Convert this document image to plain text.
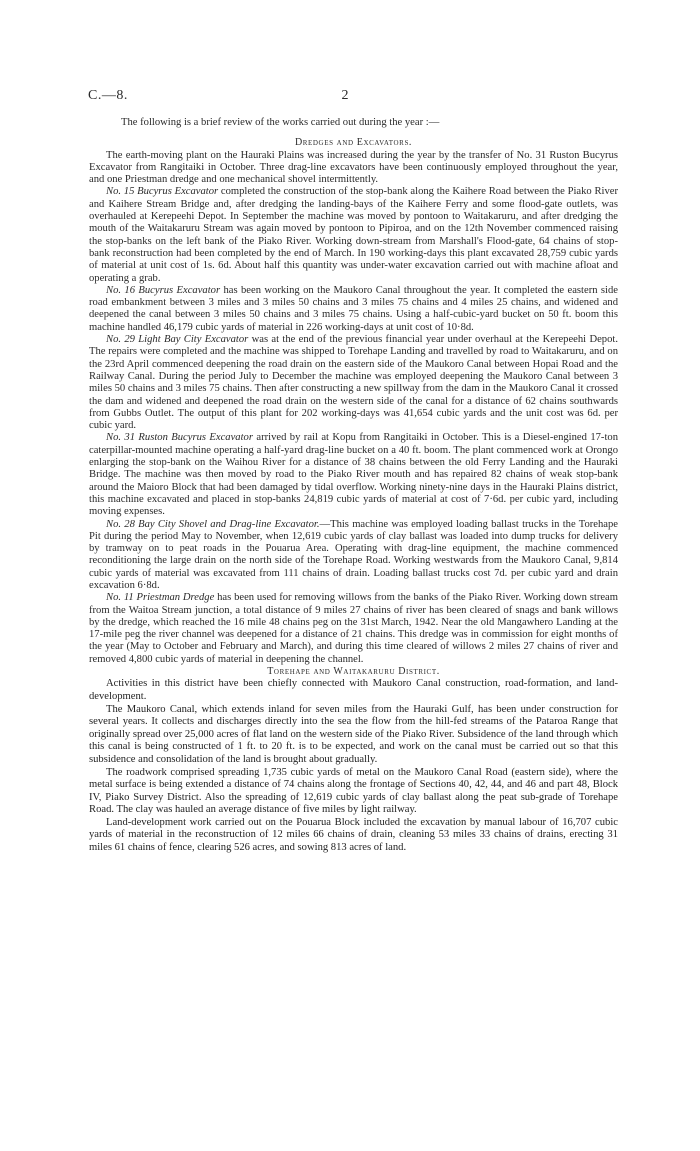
C.—8.	2

The following is a brief review of the works carried out during the year :—

Dredges and Excavators.

The earth-moving plant on the Hauraki Plains was increased during the year by the transfer of No. 31 Ruston Bucyrus Excavator from Rangitaiki in October. Three drag-line excavators have been continuously employed throughout the year, and one Priestman dredge and one mechanical shovel intermittently.

No. 15 Bucyrus Excavator completed the construction of the stop-bank along the Kaihere Road between the Piako River and Kaihere Stream Bridge and, after dredging the landing-bays of the Kaihere Ferry and some flood-gate outlets, was overhauled at Kerepeehi Depot. In September the machine was moved by pontoon to Waitakaruru, and after dredging the mouth of the Waitakaruru Stream was again moved by pontoon to Pipiroa, and on the 12th November commenced raising the stop-banks on the left bank of the Piako River. Working down-stream from Marshall's Flood-gate, 64 chains of stop-bank reconstruction had been completed by the end of March. In 190 working-days this plant excavated 28,759 cubic yards of material at unit cost of 1s. 6d. About half this quantity was under-water excavation carried out with machine afloat and operating a grab.

No. 16 Bucyrus Excavator has been working on the Maukoro Canal throughout the year. It completed the eastern side road embankment between 3 miles and 3 miles 50 chains and 3 miles 75 chains and 4 miles 25 chains, and widened and deepened the canal between 3 miles 50 chains and 3 miles 75 chains. Using a half-cubic-yard bucket on 50 ft. boom this machine handled 46,179 cubic yards of material in 226 working-days at unit cost of 10·8d.

No. 29 Light Bay City Excavator was at the end of the previous financial year under overhaul at the Kerepeehi Depot. The repairs were completed and the machine was shipped to Torehape Landing and travelled by road to Waitakaruru, and on the 23rd April commenced deepening the road drain on the eastern side of the Maukoro Canal between Hopai Road and the Railway Canal. During the period July to December the machine was employed deepening the Maukoro Canal between 3 miles 50 chains and 3 miles 75 chains. Then after constructing a new spillway from the dam in the Maukoro Canal it crossed the dam and widened and deepened the road drain on the western side of the canal for a distance of 62 chains southwards from Gubbs Outlet. The output of this plant for 202 working-days was 41,654 cubic yards and the unit cost was 6d. per cubic yard.

No. 31 Ruston Bucyrus Excavator arrived by rail at Kopu from Rangitaiki in October. This is a Diesel-engined 17-ton caterpillar-mounted machine operating a half-yard drag-line bucket on a 40 ft. boom. The plant commenced work at Orongo enlarging the stop-bank on the Waihou River for a distance of 38 chains between the old Ferry Landing and the Hauraki Bridge. The machine was then moved by road to the Piako River mouth and has repaired 82 chains of weak stop-bank around the Maioro Block that had been damaged by tidal overflow. Working ninety-nine days in the Hauraki Plains district, this machine excavated and placed in stop-banks 24,819 cubic yards of material at cost of 7·6d. per cubic yard, including moving expenses.

No. 28 Bay City Shovel and Drag-line Excavator.—This machine was employed loading ballast trucks in the Torehape Pit during the period May to November, when 12,619 cubic yards of clay ballast was loaded into dump trucks for delivery by tramway on to peat roads in the Pouarua Area. Operating with drag-line equipment, the machine commenced reconditioning the large drain on the north side of the Torehape Road. Working westwards from the Maukoro Canal, 9,814 cubic yards of material was excavated from 111 chains of drain. Loading ballast trucks cost 7d. per cubic yard and drain excavation 6·8d.

No. 11 Priestman Dredge has been used for removing willows from the banks of the Piako River. Working down stream from the Waitoa Stream junction, a total distance of 9 miles 27 chains of river has been cleared of snags and bank willows by the dredge, which reached the 16 mile 48 chains peg on the 31st March, 1942. Near the old Mangawhero Landing at the 17-mile peg the river channel was deepened for a distance of 21 chains. This dredge was in commission for eight months of the year (May to October and February and March), and during this time cleared of willows 2 miles 27 chains of river and removed 4,800 cubic yards of material in deepening the channel.

Torehape and Waitakaruru District.

Activities in this district have been chiefly connected with Maukoro Canal construction, road-formation, and land-development.

The Maukoro Canal, which extends inland for seven miles from the Hauraki Gulf, has been under construction for several years. It collects and discharges directly into the sea the flow from the hill-fed streams of the Pataroa Range that originally spread over 25,000 acres of flat land on the western side of the Piako River. Subsidence of the land through which this canal is being constructed of 1 ft. to 20 ft. is to be expected, and work on the canal must be carried out so that this subsidence and consolidation of the land is brought about gradually.

The roadwork comprised spreading 1,735 cubic yards of metal on the Maukoro Canal Road (eastern side), where the metal surface is being extended a distance of 74 chains along the frontage of Sections 40, 42, 44, and 46 and part 48, Block IV, Piako Survey District. Also the spreading of 12,619 cubic yards of clay ballast along the peat sub-grade of Torehape Road. The clay was hauled an average distance of five miles by light railway.

Land-development work carried out on the Pouarua Block included the excavation by manual labour of 16,707 cubic yards of material in the reconstruction of 12 miles 66 chains of drain, cleaning 53 miles 33 chains of drains, erecting 31 miles 61 chains of fence, clearing 526 acres, and sowing 813 acres of land.
